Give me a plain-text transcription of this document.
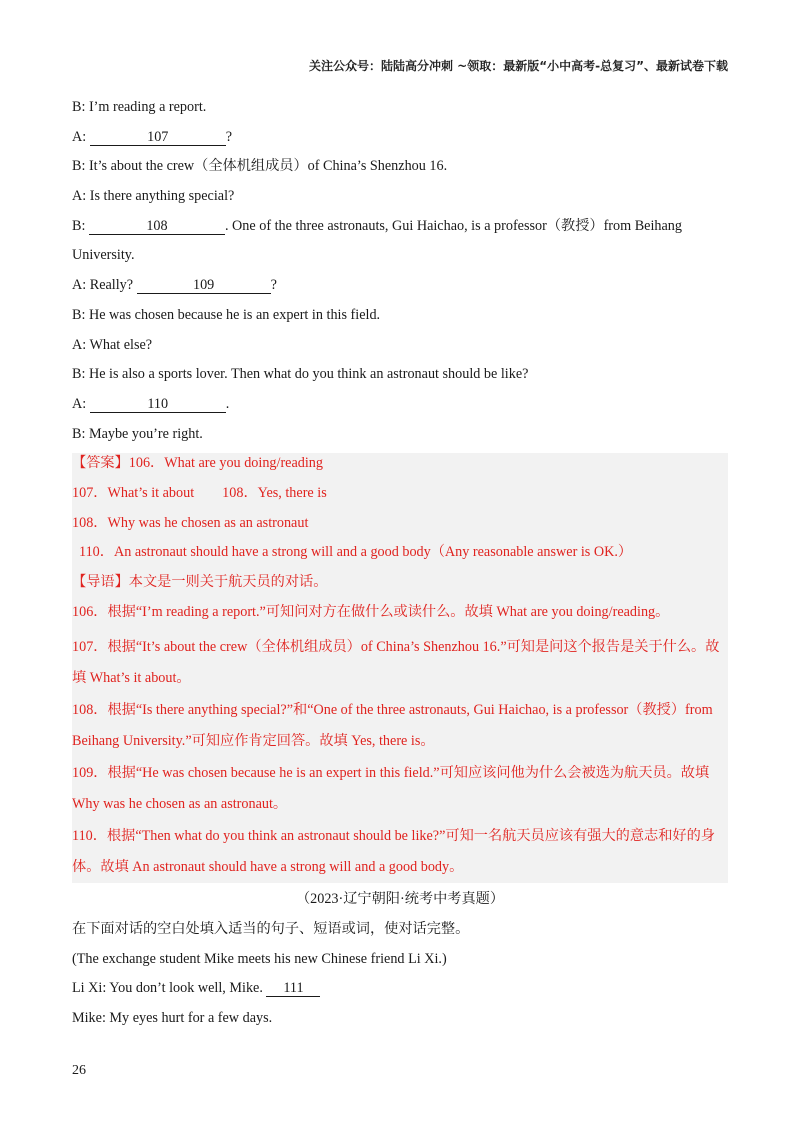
关注公众号：陆陆高分冲刺 ~领取：最新版“小中高考-总复习”、最新试卷下载
B: I’m reading a report.
A:	107	?
B: It’s about the crew（全体机组成员）of China’s Shenzhou 16.
A: Is there anything special?
B:	108	. One of the three astronauts, Gui Haichao, is a professor（教授）from Beihang
University.
A: Really?	109	?
B: He was chosen because he is an expert in this field.
A: What else?
B: He is also a sports lover. Then what do you think an astronaut should be like?
A:	110	.
B: Maybe you’re right.
【答案】106．What are you doing/reading
107．What’s it about 108．Yes, there is
108．Why was he chosen as an astronaut
110．An astronaut should have a strong will and a good body（Any reasonable answer is OK.）
【导语】本文是一则关于航天员的对话。
106．根据“I’m reading a report.”可知问对方在做什么或读什么。故填 What are you doing/reading。
107．根据“It’s about the crew（全体机组成员）of China’s Shenzhou 16.”可知是问这个报告是关于什么。故填 What’s it about。
108．根据“Is there anything special?”和“One of the three astronauts, Gui Haichao, is a professor（教授）from Beihang University.”可知应作肯定回答。故填 Yes, there is。
109．根据“He was chosen because he is an expert in this field.”可知应该问他为什么会被选为航天员。故填 Why was he chosen as an astronaut。
110．根据“Then what do you think an astronaut should be like?”可知一名航天员应该有强大的意志和好的身体。故填 An astronaut should have a strong will and a good body。
（2023·辽宁朝阳·统考中考真题）
在下面对话的空白处填入适当的句子、短语或词，使对话完整。
(The exchange student Mike meets his new Chinese friend Li Xi.)
Li Xi: You don’t look well, Mike. 111
Mike: My eyes hurt for a few days.
26
